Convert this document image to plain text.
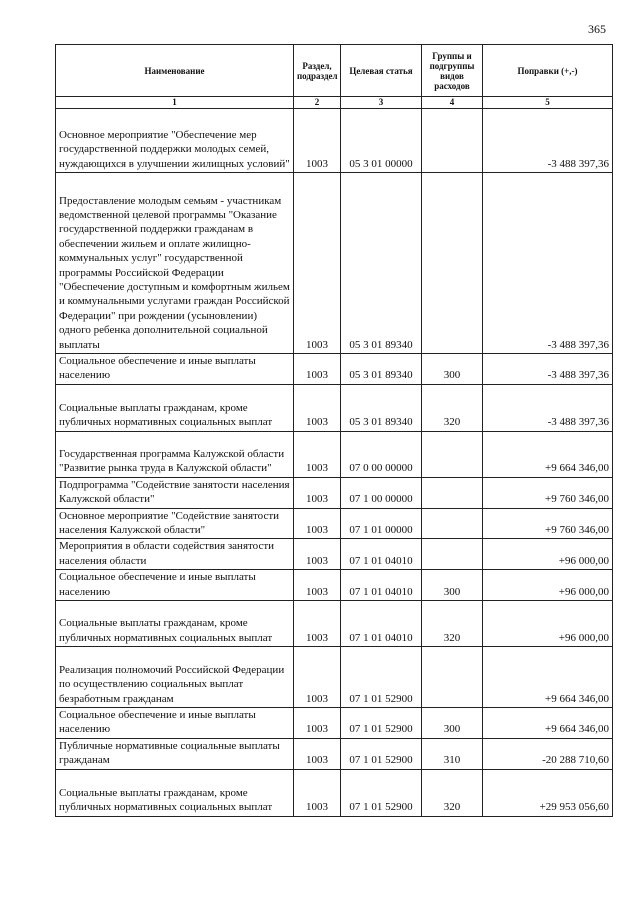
365
Наименование	Раздел, подраздел	Целевая статья	Группы и подгруппы видов расходов	Поправки (+,-)
1	2	3	4	5
Основное мероприятие "Обеспечение мер государственной поддержки молодых семей, нуждающихся в улучшении жилищных условий"	1003	05 3 01 00000		-3 488 397,36
Предоставление молодым семьям - участникам ведомственной целевой программы "Оказание государственной поддержки гражданам в обеспечении жильем и оплате жилищно-коммунальных услуг" государственной программы Российской Федерации "Обеспечение доступным и комфортным жильем и коммунальными услугами граждан Российской Федерации" при рождении (усыновлении) одного ребенка дополнительной социальной выплаты	1003	05 3 01 89340		-3 488 397,36
Социальное обеспечение и иные выплаты населению	1003	05 3 01 89340	300	-3 488 397,36
Социальные выплаты гражданам, кроме публичных нормативных социальных выплат	1003	05 3 01 89340	320	-3 488 397,36
Государственная программа Калужской области "Развитие рынка труда в Калужской области"	1003	07 0 00 00000		+9 664 346,00
Подпрограмма "Содействие занятости населения Калужской области"	1003	07 1 00 00000		+9 760 346,00
Основное мероприятие "Содействие занятости населения Калужской области"	1003	07 1 01 00000		+9 760 346,00
Мероприятия в области содействия занятости населения области	1003	07 1 01 04010		+96 000,00
Социальное обеспечение и иные выплаты населению	1003	07 1 01 04010	300	+96 000,00
Социальные выплаты гражданам, кроме публичных нормативных социальных выплат	1003	07 1 01 04010	320	+96 000,00
Реализация полномочий Российской Федерации по осуществлению социальных выплат безработным гражданам	1003	07 1 01 52900		+9 664 346,00
Социальное обеспечение и иные выплаты населению	1003	07 1 01 52900	300	+9 664 346,00
Публичные нормативные социальные выплаты гражданам	1003	07 1 01 52900	310	-20 288 710,60
Социальные выплаты гражданам, кроме публичных нормативных социальных выплат	1003	07 1 01 52900	320	+29 953 056,60
